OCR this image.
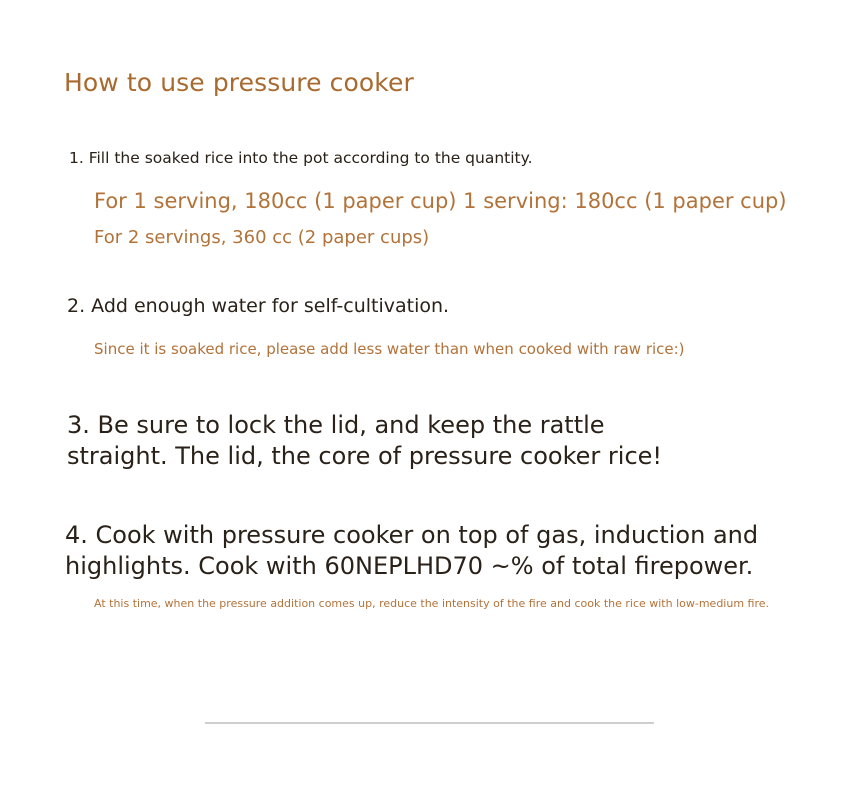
How to use pressure cooker
1. Fill the soaked rice into the pot according to the quantity.
For 1 serving, 180cc (1 paper cup) 1 serving: 180cc (1 paper cup)
For 2 servings, 360 cc (2 paper cups)
2. Add enough water for self-cultivation.
Since it is soaked rice, please add less water than when cooked with raw rice:)
3. Be sure to lock the lid, and keep the rattle
straight. The lid, the core of pressure cooker rice!
4. Cook with pressure cooker on top of gas, induction and
highlights. Cook with 60NEPLHD70 ~% of total firepower.
At this time, when the pressure addition comes up, reduce the intensity of the fire and cook the rice with low-medium fire.
